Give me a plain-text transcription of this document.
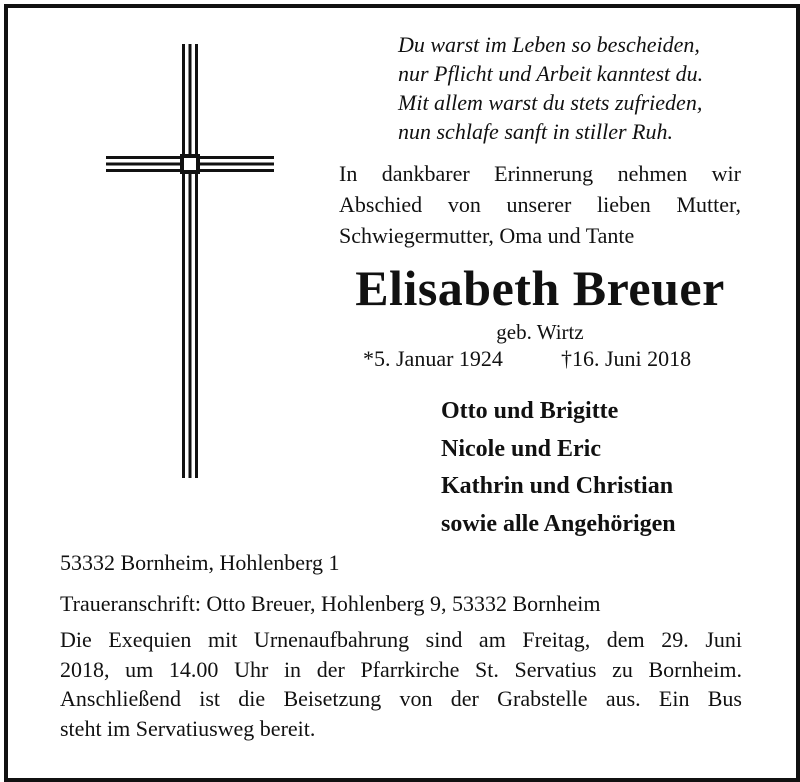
Du warst im Leben so bescheiden,
nur Pflicht und Arbeit kanntest du.
Mit allem warst du stets zufrieden,
nun schlafe sanft in stiller Ruh.
In dankbarer Erinnerung nehmen wir
Abschied von unserer lieben Mutter,
Schwiegermutter, Oma und Tante
Elisabeth Breuer
geb. Wirtz
*5. Januar 1924	†16. Juni 2018
Otto und Brigitte
Nicole und Eric
Kathrin und Christian
sowie alle Angehörigen
53332 Bornheim, Hohlenberg 1
Traueranschrift: Otto Breuer, Hohlenberg 9, 53332 Bornheim
Die Exequien mit Urnenaufbahrung sind am Freitag, dem 29. Juni
2018, um 14.00 Uhr in der Pfarrkirche St. Servatius zu Bornheim.
Anschließend ist die Beisetzung von der Grabstelle aus. Ein Bus
steht im Servatiusweg bereit.
